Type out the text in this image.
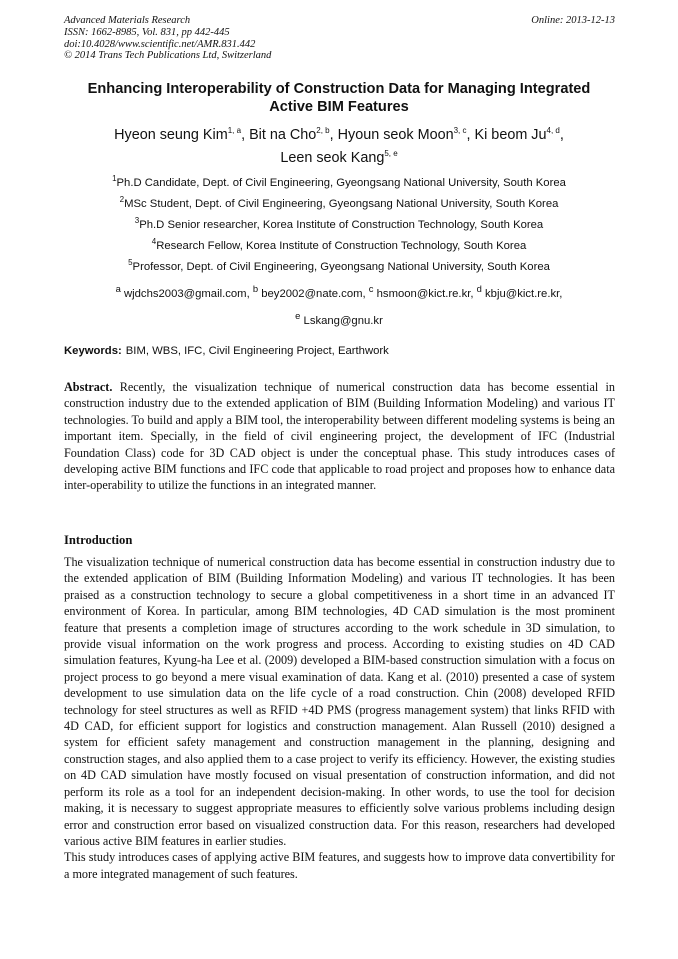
Advanced Materials Research
ISSN: 1662-8985, Vol. 831, pp 442-445
doi:10.4028/www.scientific.net/AMR.831.442
© 2014 Trans Tech Publications Ltd, Switzerland
Online: 2013-12-13
Enhancing Interoperability of Construction Data for Managing Integrated
Active BIM Features
Hyeon seung Kim$^{1, a}$, Bit na Cho$^{2, b}$, Hyoun seok Moon$^{3, c}$, Ki beom Ju$^{4, d}$,
Leen seok Kang$^{5, e}$
$^1$Ph.D Candidate, Dept. of Civil Engineering, Gyeongsang National University, South Korea
$^2$MSc Student, Dept. of Civil Engineering, Gyeongsang National University, South Korea
$^3$Ph.D Senior researcher, Korea Institute of Construction Technology, South Korea
$^4$Research Fellow, Korea Institute of Construction Technology, South Korea
$^5$Professor, Dept. of Civil Engineering, Gyeongsang National University, South Korea
$^a$ wjdchs2003@gmail.com, $^b$ bey2002@nate.com, $^c$ hsmoon@kict.re.kr, $^d$ kbju@kict.re.kr,
$^e$ Lskang@gnu.kr
Keywords: BIM, WBS, IFC, Civil Engineering Project, Earthwork
Abstract. Recently, the visualization technique of numerical construction data has become essential in construction industry due to the extended application of BIM (Building Information Modeling) and various IT technologies. To build and apply a BIM tool, the interoperability between different modeling systems is being an important item. Specially, in the field of civil engineering project, the development of IFC (Industrial Foundation Class) code for 3D CAD object is under the conceptual phase. This study introduces cases of developing active BIM functions and IFC code that applicable to road project and proposes how to enhance data inter-operability to utilize the functions in an integrated manner.
Introduction

The visualization technique of numerical construction data has become essential in construction industry due to the extended application of BIM (Building Information Modeling) and various IT technologies. It has been praised as a construction technology to secure a global competitiveness in a short time in an advanced IT environment of Korea. In particular, among BIM technologies, 4D CAD simulation is the most prominent feature that presents a completion image of structures according to the work schedule in 3D simulation, to provide visual information on the work progress and process. According to existing studies on 4D CAD simulation features, Kyung-ha Lee et al. (2009) developed a BIM-based construction simulation with a focus on project process to go beyond a mere visual examination of data. Kang et al. (2010) presented a case of system development to use simulation data on the life cycle of a road construction. Chin (2008) developed RFID technology for steel structures as well as RFID +4D PMS (progress management system) that links RFID with 4D CAD, for efficient support for logistics and construction management. Alan Russell (2010) designed a system for efficient safety management and construction management in the planning, designing and construction stages, and also applied them to a case project to verify its efficiency. However, the existing studies on 4D CAD simulation have mostly focused on visual presentation of construction information, and did not perform its role as a tool for an independent decision-making. In other words, to use the tool for decision making, it is necessary to suggest appropriate measures to efficiently solve various problems including design error and construction error based on visualized construction data. For this reason, researchers had developed various active BIM features in earlier studies.

This study introduces cases of applying active BIM features, and suggests how to improve data convertibility for a more integrated management of such features.
